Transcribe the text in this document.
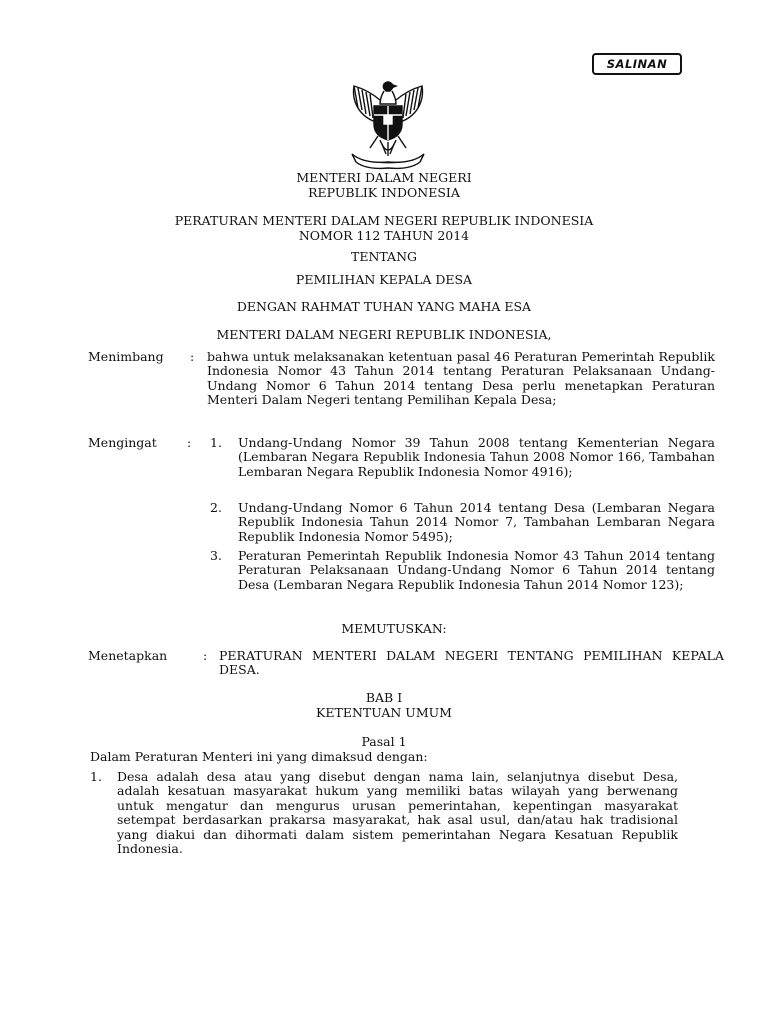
SALINAN
MENTERI DALAM NEGERI
REPUBLIK INDONESIA
PERATURAN MENTERI DALAM NEGERI REPUBLIK INDONESIA
NOMOR 112 TAHUN 2014
TENTANG
PEMILIHAN KEPALA DESA
DENGAN RAHMAT TUHAN YANG MAHA ESA
MENTERI DALAM NEGERI REPUBLIK INDONESIA,
Menimbang : bahwa untuk melaksanakan ketentuan pasal 46 Peraturan Pemerintah Republik Indonesia Nomor 43 Tahun 2014 tentang Peraturan Pelaksanaan Undang-Undang Nomor 6 Tahun 2014 tentang Desa perlu menetapkan Peraturan Menteri Dalam Negeri tentang Pemilihan Kepala Desa;
Mengingat : 1. Undang-Undang Nomor 39 Tahun 2008 tentang Kementerian Negara (Lembaran Negara Republik Indonesia Tahun 2008 Nomor 166, Tambahan Lembaran Negara Republik Indonesia Nomor 4916);
2. Undang-Undang Nomor 6 Tahun 2014 tentang Desa (Lembaran Negara Republik Indonesia Tahun 2014 Nomor 7, Tambahan Lembaran Negara Republik Indonesia Nomor 5495);
3. Peraturan Pemerintah Republik Indonesia Nomor 43 Tahun 2014 tentang Peraturan Pelaksanaan Undang-Undang Nomor 6 Tahun 2014 tentang Desa (Lembaran Negara Republik Indonesia Tahun 2014 Nomor 123);
MEMUTUSKAN:
Menetapkan	: PERATURAN MENTERI DALAM NEGERI TENTANG PEMILIHAN KEPALA DESA.
BAB I
KETENTUAN UMUM
Pasal 1
Dalam Peraturan Menteri ini yang dimaksud dengan:
1. Desa adalah desa atau yang disebut dengan nama lain, selanjutnya disebut Desa, adalah kesatuan masyarakat hukum yang memiliki batas wilayah yang berwenang untuk mengatur dan mengurus urusan pemerintahan, kepentingan masyarakat setempat berdasarkan prakarsa masyarakat, hak asal usul, dan/atau hak tradisional yang diakui dan dihormati dalam sistem pemerintahan Negara Kesatuan Republik Indonesia.
